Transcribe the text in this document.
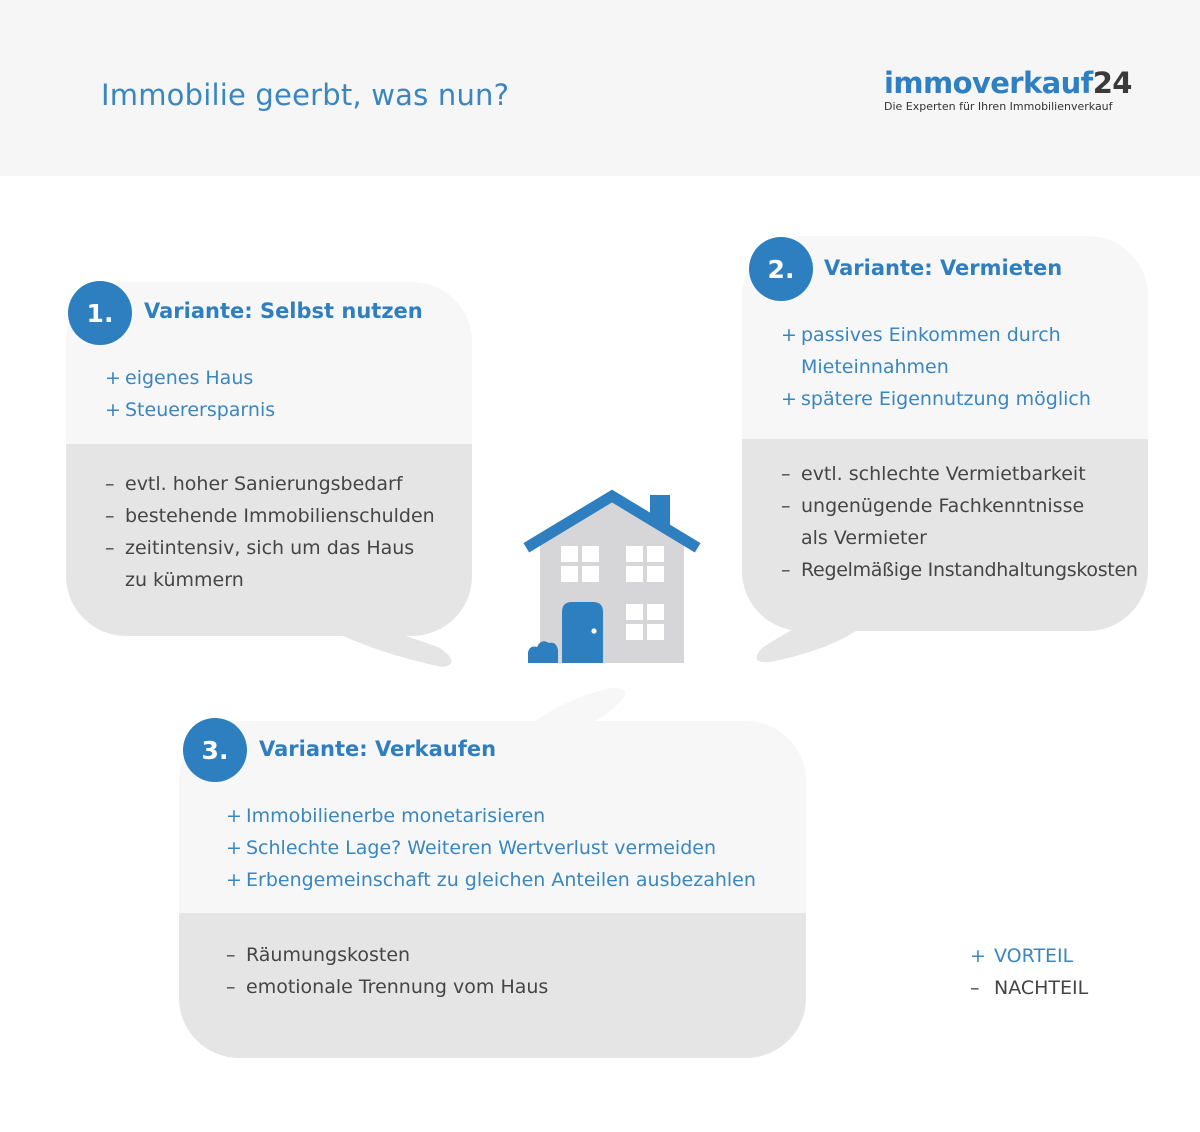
Immobilie geerbt, was nun?	immoverkauf24
Die Experten für Ihren Immobilienverkauf
1.	Variante: Selbst nutzen
+ eigenes Haus
+ Steuerersparnis
– evtl. hoher Sanierungsbedarf
– bestehende Immobilienschulden
– zeitintensiv, sich um das Haus
zu kümmern
2.	Variante: Vermieten
+ passives Einkommen durch
Mieteinnahmen
+ spätere Eigennutzung möglich
– evtl. schlechte Vermietbarkeit
– ungenügende Fachkenntnisse
als Vermieter
– Regelmäßige Instandhaltungskosten
3.	Variante: Verkaufen
+ Immobilienerbe monetarisieren
+ Schlechte Lage? Weiteren Wertverlust vermeiden
+ Erbengemeinschaft zu gleichen Anteilen ausbezahlen
– Räumungskosten
– emotionale Trennung vom Haus
+ VORTEIL
– NACHTEIL
